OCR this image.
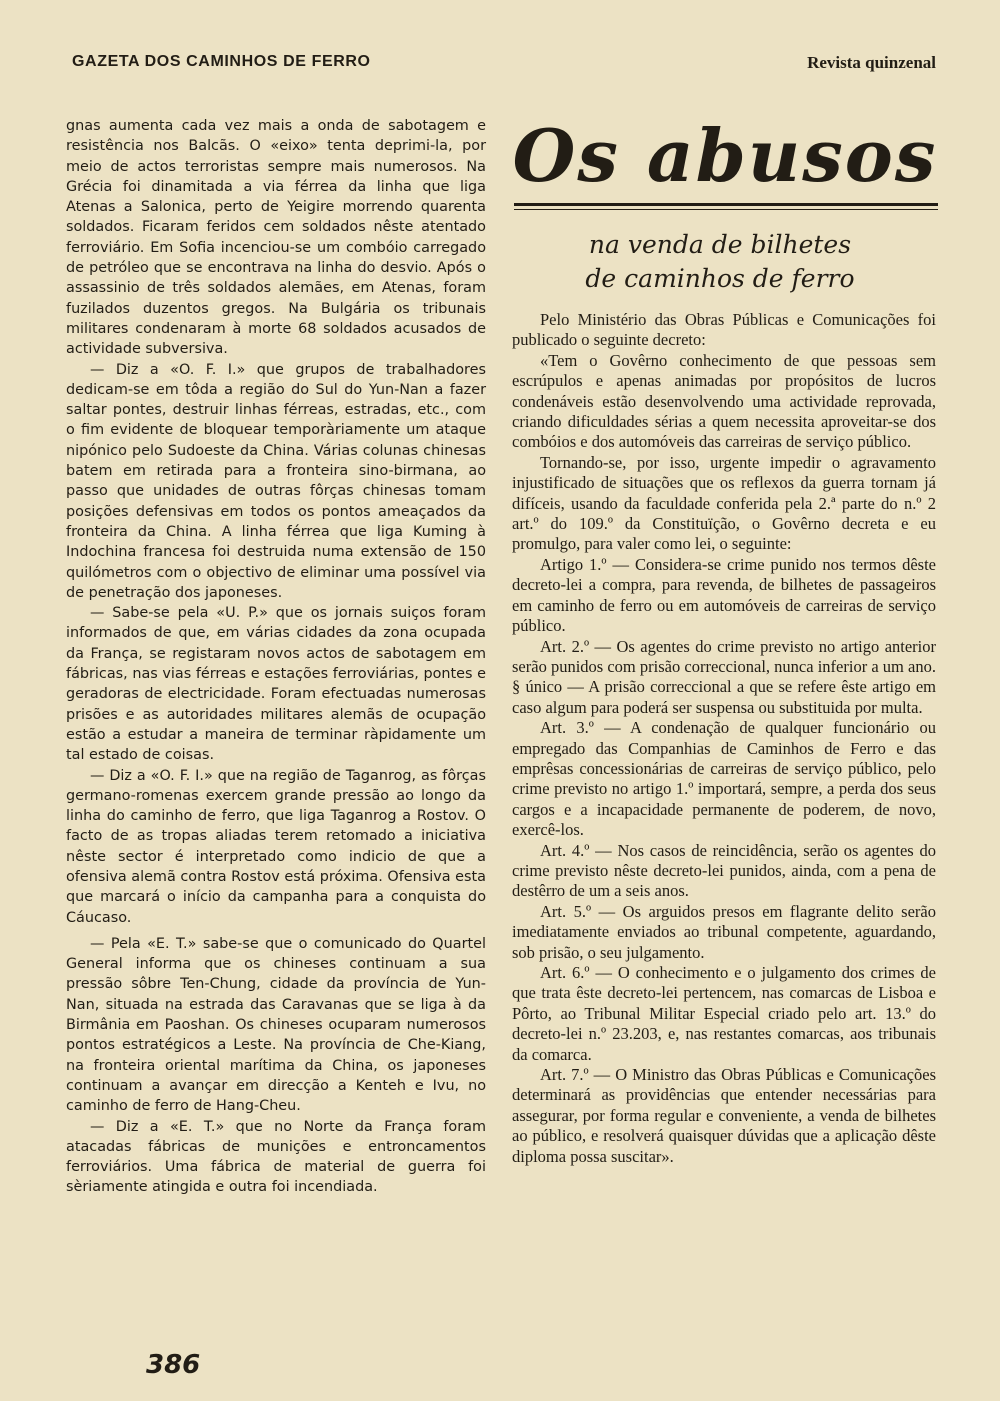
GAZETA DOS CAMINHOS DE FERRO	Revista quinzenal

gnas aumenta cada vez mais a onda de sabotagem e resistência nos Balcãs. O «eixo» tenta deprimi-la, por meio de actos terroristas sempre mais numerosos. Na Grécia foi dinamitada a via férrea da linha que liga Atenas a Salonica, perto de Yeigire morrendo quarenta soldados. Ficaram feridos cem soldados nêste atentado ferroviário. Em Sofia incenciou-se um combóio carregado de petróleo que se encontrava na linha do desvio. Após o assassinio de três soldados alemães, em Atenas, foram fuzilados duzentos gregos. Na Bulgária os tribunais militares condenaram à morte 68 soldados acusados de actividade subversiva.

— Diz a «O. F. I.» que grupos de trabalhadores dedicam-se em tôda a região do Sul do Yun-Nan a fazer saltar pontes, destruir linhas férreas, estradas, etc., com o fim evidente de bloquear temporàriamente um ataque nipónico pelo Sudoeste da China. Várias colunas chinesas batem em retirada para a fronteira sino-birmana, ao passo que unidades de outras fôrças chinesas tomam posições defensivas em todos os pontos ameaçados da fronteira da China. A linha férrea que liga Kuming à Indochina francesa foi destruida numa extensão de 150 quilómetros com o objectivo de eliminar uma possível via de penetração dos japoneses.

— Sabe-se pela «U. P.» que os jornais suiços foram informados de que, em várias cidades da zona ocupada da França, se registaram novos actos de sabotagem em fábricas, nas vias férreas e estações ferroviárias, pontes e geradoras de electricidade. Foram efectuadas numerosas prisões e as autoridades militares alemãs de ocupação estão a estudar a maneira de terminar ràpidamente um tal estado de coisas.

— Diz a «O. F. I.» que na região de Taganrog, as fôrças germano-romenas exercem grande pressão ao longo da linha do caminho de ferro, que liga Taganrog a Rostov. O facto de as tropas aliadas terem retomado a iniciativa nêste sector é interpretado como indicio de que a ofensiva alemã contra Rostov está próxima. Ofensiva esta que marcará o início da campanha para a conquista do Cáucaso.

— Pela «E. T.» sabe-se que o comunicado do Quartel General informa que os chineses continuam a sua pressão sôbre Ten-Chung, cidade da província de Yun-Nan, situada na estrada das Caravanas que se liga à da Birmânia em Paoshan. Os chineses ocuparam numerosos pontos estratégicos a Leste. Na província de Che-Kiang, na fronteira oriental marítima da China, os japoneses continuam a avançar em direcção a Kenteh e Ivu, no caminho de ferro de Hang-Cheu.

— Diz a «E. T.» que no Norte da França foram atacadas fábricas de munições e entroncamentos ferroviários. Uma fábrica de material de guerra foi sèriamente atingida e outra foi incendiada.

Os abusos
na venda de bilhetes
de caminhos de ferro

Pelo Ministério das Obras Públicas e Comunicações foi publicado o seguinte decreto:

«Tem o Govêrno conhecimento de que pessoas sem escrúpulos e apenas animadas por propósitos de lucros condenáveis estão desenvolvendo uma actividade reprovada, criando dificuldades sérias a quem necessita aproveitar-se dos combóios e dos automóveis das carreiras de serviço público.

Tornando-se, por isso, urgente impedir o agravamento injustificado de situações que os reflexos da guerra tornam já difíceis, usando da faculdade conferida pela 2.ª parte do n.º 2 art.º do 109.º da Constituïção, o Govêrno decreta e eu promulgo, para valer como lei, o seguinte:

Artigo 1.º — Considera-se crime punido nos termos dêste decreto-lei a compra, para revenda, de bilhetes de passageiros em caminho de ferro ou em automóveis de carreiras de serviço público.

Art. 2.º — Os agentes do crime previsto no artigo anterior serão punidos com prisão correccional, nunca inferior a um ano. § único — A prisão correccional a que se refere êste artigo em caso algum para poderá ser suspensa ou substituida por multa.

Art. 3.º — A condenação de qualquer funcionário ou empregado das Companhias de Caminhos de Ferro e das emprêsas concessionárias de carreiras de serviço público, pelo crime previsto no artigo 1.º importará, sempre, a perda dos seus cargos e a incapacidade permanente de poderem, de novo, exercê-los.

Art. 4.º — Nos casos de reincidência, serão os agentes do crime previsto nêste decreto-lei punidos, ainda, com a pena de destêrro de um a seis anos.

Art. 5.º — Os arguidos presos em flagrante delito serão imediatamente enviados ao tribunal competente, aguardando, sob prisão, o seu julgamento.

Art. 6.º — O conhecimento e o julgamento dos crimes de que trata êste decreto-lei pertencem, nas comarcas de Lisboa e Pôrto, ao Tribunal Militar Especial criado pelo art. 13.º do decreto-lei n.º 23.203, e, nas restantes comarcas, aos tribunais da comarca.

Art. 7.º — O Ministro das Obras Públicas e Comunicações determinará as providências que entender necessárias para assegurar, por forma regular e conveniente, a venda de bilhetes ao público, e resolverá quaisquer dúvidas que a aplicação dêste diploma possa suscitar».

386
